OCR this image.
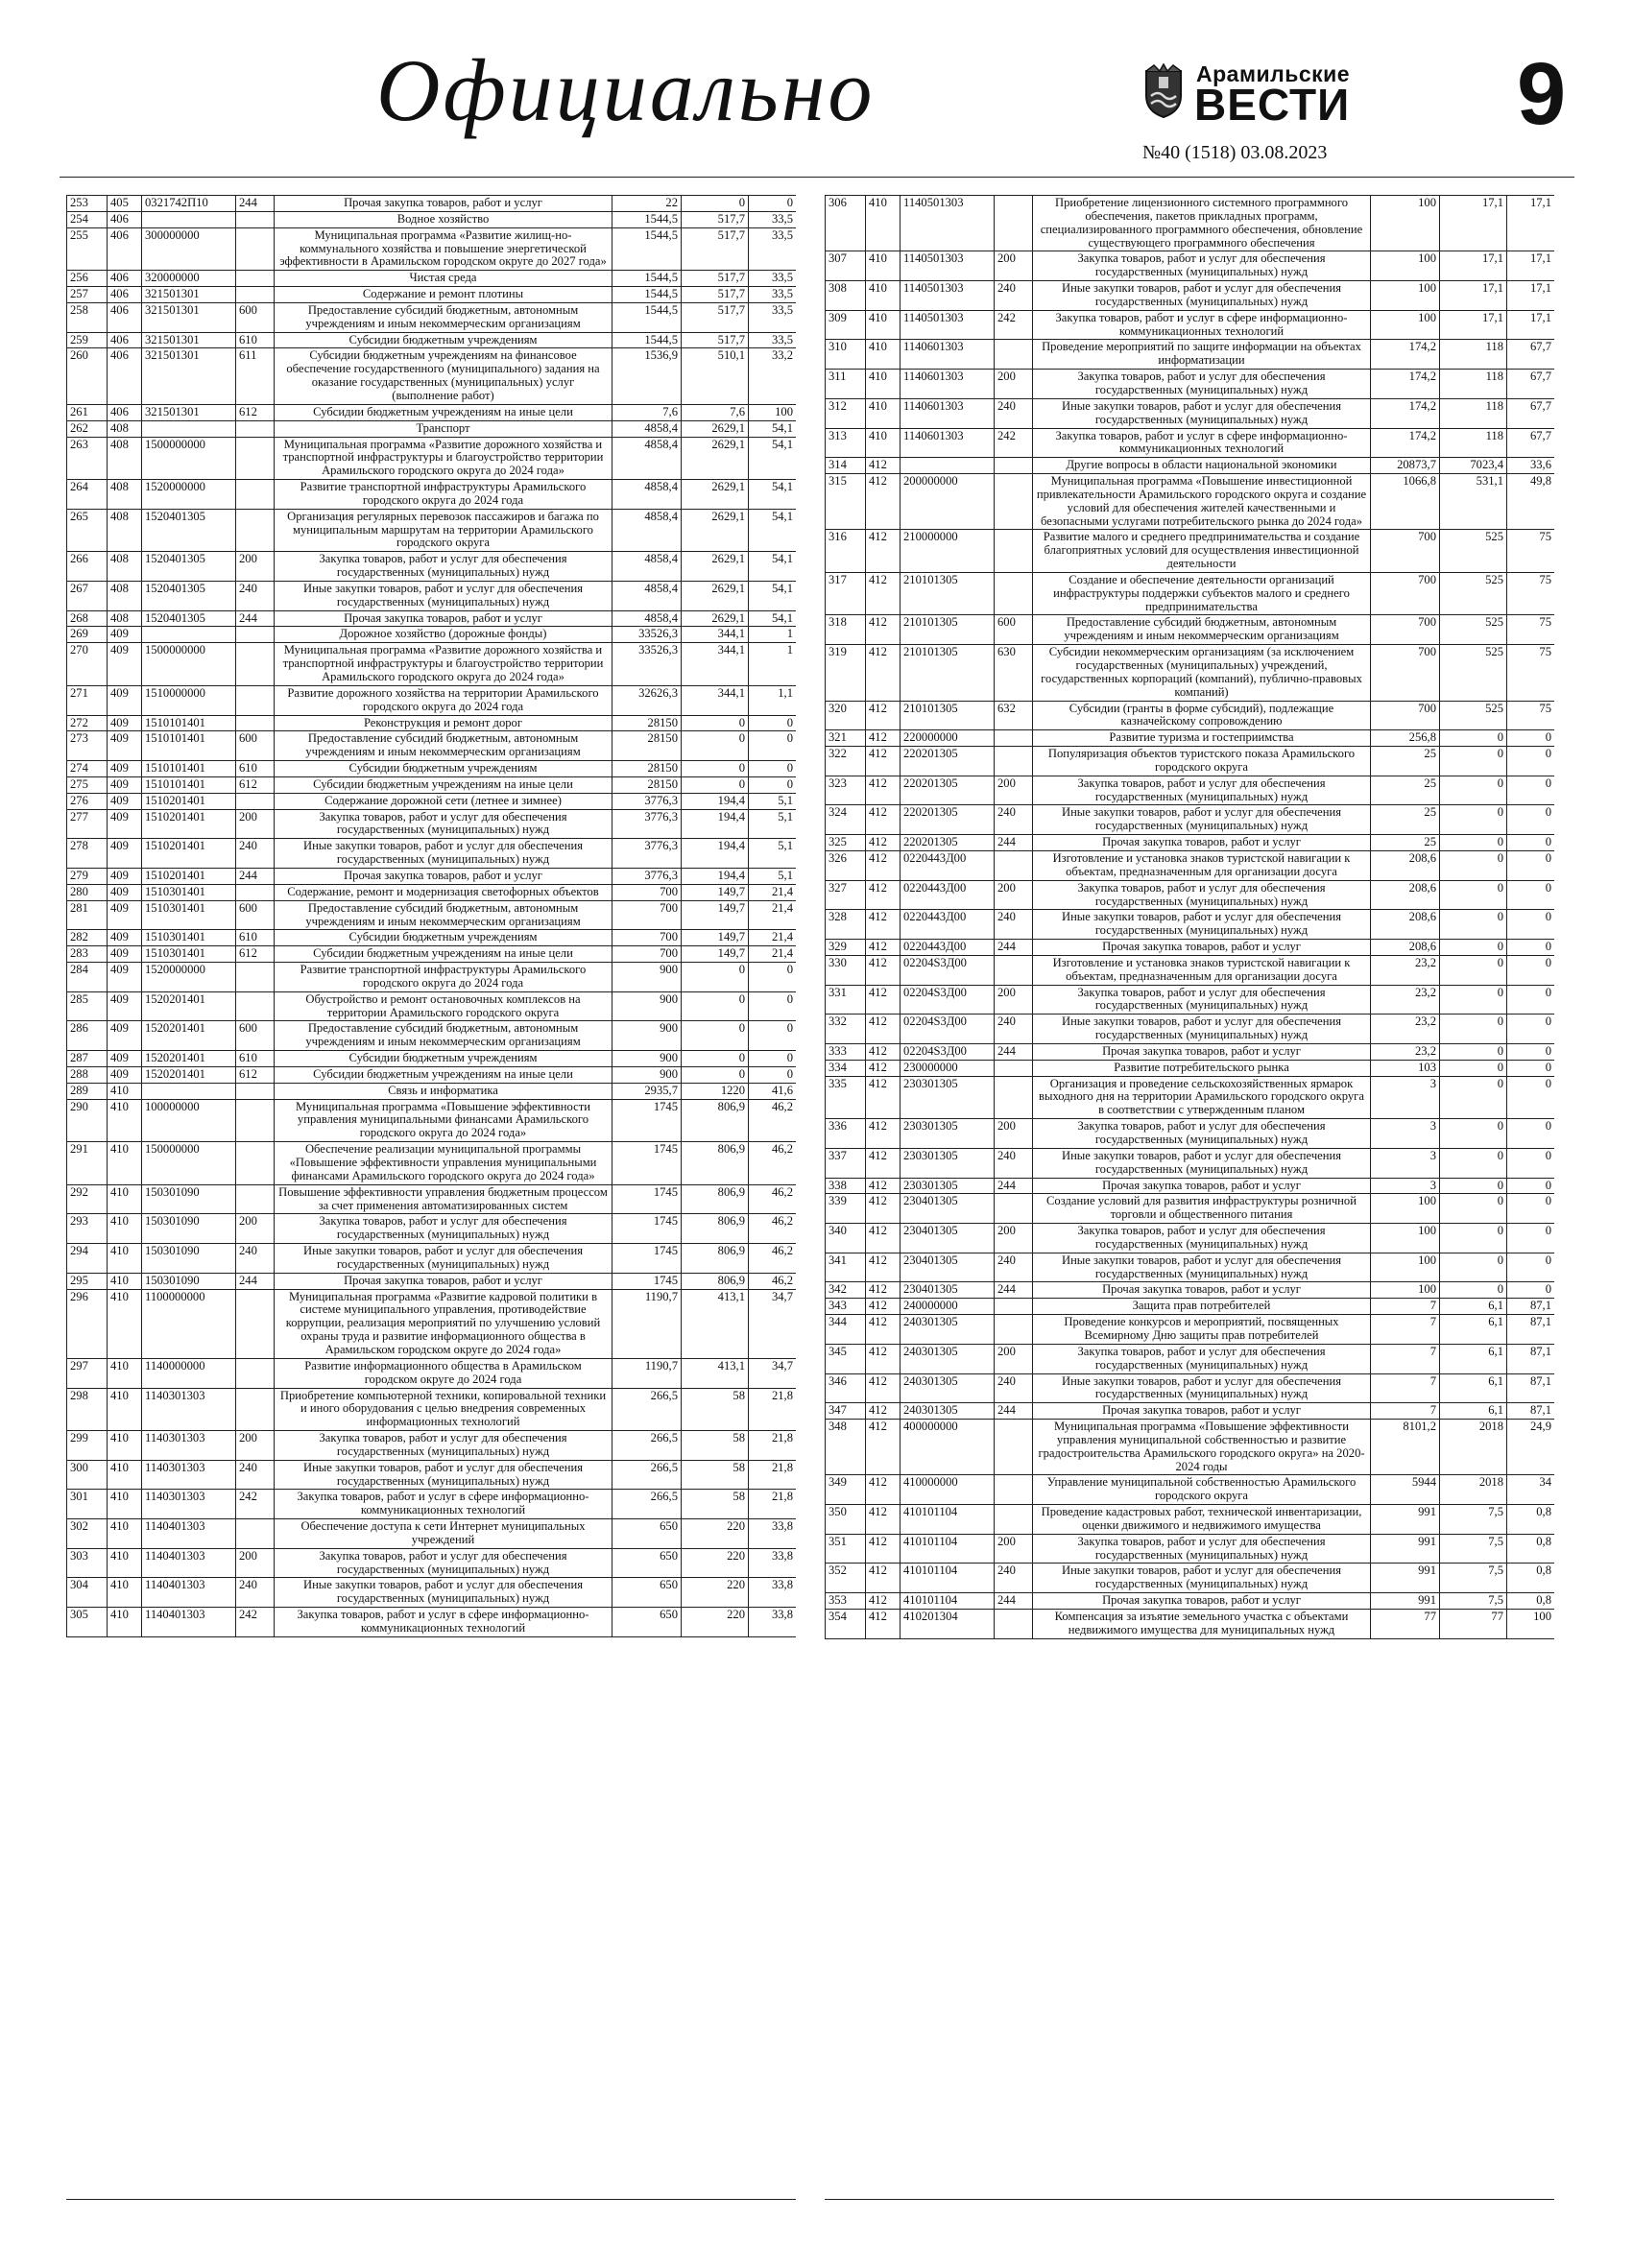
Официально	Арамильские
ВЕСТИ
№40 (1518) 03.08.2023
9
253	405	0321742П10	244	Прочая закупка товаров, работ и услуг	22	0	0
254	406			Водное хозяйство	1544,5	517,7	33,5
255	406	300000000		Муниципальная программа «Развитие жилищ-но-коммунального хозяйства и повышение энергетической эффективности в Арамильском городском округе до 2027 года»	1544,5	517,7	33,5
256	406	320000000		Чистая среда	1544,5	517,7	33,5
257	406	321501301		Содержание и ремонт плотины	1544,5	517,7	33,5
258	406	321501301	600	Предоставление субсидий бюджетным, автономным учреждениям и иным некоммерческим организациям	1544,5	517,7	33,5
259	406	321501301	610	Субсидии бюджетным учреждениям	1544,5	517,7	33,5
260	406	321501301	611	Субсидии бюджетным учреждениям на финансовое обеспечение государственного (муниципального) задания на оказание государственных (муниципальных) услуг (выполнение работ)	1536,9	510,1	33,2
261	406	321501301	612	Субсидии бюджетным учреждениям на иные цели	7,6	7,6	100
262	408			Транспорт	4858,4	2629,1	54,1
263	408	1500000000		Муниципальная программа «Развитие дорожного хозяйства и транспортной инфраструктуры и благоустройство территории Арамильского городского округа до 2024 года»	4858,4	2629,1	54,1
264	408	1520000000		Развитие транспортной инфраструктуры Арамильского городского округа до 2024 года	4858,4	2629,1	54,1
265	408	1520401305		Организация регулярных перевозок пассажиров и багажа по муниципальным маршрутам на территории Арамильского городского округа	4858,4	2629,1	54,1
266	408	1520401305	200	Закупка товаров, работ и услуг для обеспечения государственных (муниципальных) нужд	4858,4	2629,1	54,1
267	408	1520401305	240	Иные закупки товаров, работ и услуг для обеспечения государственных (муниципальных) нужд	4858,4	2629,1	54,1
268	408	1520401305	244	Прочая закупка товаров, работ и услуг	4858,4	2629,1	54,1
269	409			Дорожное хозяйство (дорожные фонды)	33526,3	344,1	1
270	409	1500000000		Муниципальная программа «Развитие дорожного хозяйства и транспортной инфраструктуры и благоустройство территории Арамильского городского округа до 2024 года»	33526,3	344,1	1
271	409	1510000000		Развитие дорожного хозяйства на территории Арамильского городского округа до 2024 года	32626,3	344,1	1,1
272	409	1510101401		Реконструкция и ремонт дорог	28150	0	0
273	409	1510101401	600	Предоставление субсидий бюджетным, автономным учреждениям и иным некоммерческим организациям	28150	0	0
274	409	1510101401	610	Субсидии бюджетным учреждениям	28150	0	0
275	409	1510101401	612	Субсидии бюджетным учреждениям на иные цели	28150	0	0
276	409	1510201401		Содержание дорожной сети (летнее и зимнее)	3776,3	194,4	5,1
277	409	1510201401	200	Закупка товаров, работ и услуг для обеспечения государственных (муниципальных) нужд	3776,3	194,4	5,1
278	409	1510201401	240	Иные закупки товаров, работ и услуг для обеспечения государственных (муниципальных) нужд	3776,3	194,4	5,1
279	409	1510201401	244	Прочая закупка товаров, работ и услуг	3776,3	194,4	5,1
280	409	1510301401		Содержание, ремонт и модернизация светофорных объектов	700	149,7	21,4
281	409	1510301401	600	Предоставление субсидий бюджетным, автономным учреждениям и иным некоммерческим организациям	700	149,7	21,4
282	409	1510301401	610	Субсидии бюджетным учреждениям	700	149,7	21,4
283	409	1510301401	612	Субсидии бюджетным учреждениям на иные цели	700	149,7	21,4
284	409	1520000000		Развитие транспортной инфраструктуры Арамильского городского округа до 2024 года	900	0	0
285	409	1520201401		Обустройство и ремонт остановочных комплексов на территории Арамильского городского округа	900	0	0
286	409	1520201401	600	Предоставление субсидий бюджетным, автономным учреждениям и иным некоммерческим организациям	900	0	0
287	409	1520201401	610	Субсидии бюджетным учреждениям	900	0	0
288	409	1520201401	612	Субсидии бюджетным учреждениям на иные цели	900	0	0
289	410			Связь и информатика	2935,7	1220	41,6
290	410	100000000		Муниципальная программа «Повышение эффективности управления муниципальными финансами Арамильского городского округа до 2024 года»	1745	806,9	46,2
291	410	150000000		Обеспечение реализации муниципальной программы «Повышение эффективности управления муниципальными финансами Арамильского городского округа до 2024 года»	1745	806,9	46,2
292	410	150301090		Повышение эффективности управления бюджетным процессом за счет применения автоматизированных систем	1745	806,9	46,2
293	410	150301090	200	Закупка товаров, работ и услуг для обеспечения государственных (муниципальных) нужд	1745	806,9	46,2
294	410	150301090	240	Иные закупки товаров, работ и услуг для обеспечения государственных (муниципальных) нужд	1745	806,9	46,2
295	410	150301090	244	Прочая закупка товаров, работ и услуг	1745	806,9	46,2
296	410	1100000000		Муниципальная программа «Развитие кадровой политики в системе муниципального управления, противодействие коррупции, реализация мероприятий по улучшению условий охраны труда и развитие информационного общества в Арамильском городском округе до 2024 года»	1190,7	413,1	34,7
297	410	1140000000		Развитие информационного общества в Арамильском городском округе до 2024 года	1190,7	413,1	34,7
298	410	1140301303		Приобретение компьютерной техники, копировальной техники и иного оборудования с целью внедрения современных информационных технологий	266,5	58	21,8
299	410	1140301303	200	Закупка товаров, работ и услуг для обеспечения государственных (муниципальных) нужд	266,5	58	21,8
300	410	1140301303	240	Иные закупки товаров, работ и услуг для обеспечения государственных (муниципальных) нужд	266,5	58	21,8
301	410	1140301303	242	Закупка товаров, работ и услуг в сфере информационно-коммуникационных технологий	266,5	58	21,8
302	410	1140401303		Обеспечение доступа к сети Интернет муниципальных учреждений	650	220	33,8
303	410	1140401303	200	Закупка товаров, работ и услуг для обеспечения государственных (муниципальных) нужд	650	220	33,8
304	410	1140401303	240	Иные закупки товаров, работ и услуг для обеспечения государственных (муниципальных) нужд	650	220	33,8
305	410	1140401303	242	Закупка товаров, работ и услуг в сфере информационно-коммуникационных технологий	650	220	33,8
306	410	1140501303		Приобретение лицензионного системного программного обеспечения, пакетов прикладных программ, специализированного программного обеспечения, обновление существующего программного обеспечения	100	17,1	17,1
307	410	1140501303	200	Закупка товаров, работ и услуг для обеспечения государственных (муниципальных) нужд	100	17,1	17,1
308	410	1140501303	240	Иные закупки товаров, работ и услуг для обеспечения государственных (муниципальных) нужд	100	17,1	17,1
309	410	1140501303	242	Закупка товаров, работ и услуг в сфере информационно-коммуникационных технологий	100	17,1	17,1
310	410	1140601303		Проведение мероприятий по защите информации на объектах информатизации	174,2	118	67,7
311	410	1140601303	200	Закупка товаров, работ и услуг для обеспечения государственных (муниципальных) нужд	174,2	118	67,7
312	410	1140601303	240	Иные закупки товаров, работ и услуг для обеспечения государственных (муниципальных) нужд	174,2	118	67,7
313	410	1140601303	242	Закупка товаров, работ и услуг в сфере информационно-коммуникационных технологий	174,2	118	67,7
314	412			Другие вопросы в области национальной экономики	20873,7	7023,4	33,6
315	412	200000000		Муниципальная программа «Повышение инвестиционной привлекательности Арамильского городского округа и создание условий для обеспечения жителей качественными и безопасными услугами потребительского рынка до 2024 года»	1066,8	531,1	49,8
316	412	210000000		Развитие малого и среднего предпринимательства и создание благоприятных условий для осуществления инвестиционной деятельности	700	525	75
317	412	210101305		Создание и обеспечение деятельности организаций инфраструктуры поддержки субъектов малого и среднего предпринимательства	700	525	75
318	412	210101305	600	Предоставление субсидий бюджетным, автономным учреждениям и иным некоммерческим организациям	700	525	75
319	412	210101305	630	Субсидии некоммерческим организациям (за исключением государственных (муниципальных) учреждений, государственных корпораций (компаний), публично-правовых компаний)	700	525	75
320	412	210101305	632	Субсидии (гранты в форме субсидий), подлежащие казначейскому сопровождению	700	525	75
321	412	220000000		Развитие туризма и гостеприимства	256,8	0	0
322	412	220201305		Популяризация объектов туристского показа Арамильского городского округа	25	0	0
323	412	220201305	200	Закупка товаров, работ и услуг для обеспечения государственных (муниципальных) нужд	25	0	0
324	412	220201305	240	Иные закупки товаров, работ и услуг для обеспечения государственных (муниципальных) нужд	25	0	0
325	412	220201305	244	Прочая закупка товаров, работ и услуг	25	0	0
326	412	0220443Д00		Изготовление и установка знаков туристской навигации к объектам, предназначенным для организации досуга	208,6	0	0
327	412	0220443Д00	200	Закупка товаров, работ и услуг для обеспечения государственных (муниципальных) нужд	208,6	0	0
328	412	0220443Д00	240	Иные закупки товаров, работ и услуг для обеспечения государственных (муниципальных) нужд	208,6	0	0
329	412	0220443Д00	244	Прочая закупка товаров, работ и услуг	208,6	0	0
330	412	02204S3Д00		Изготовление и установка знаков туристской навигации к объектам, предназначенным для организации досуга	23,2	0	0
331	412	02204S3Д00	200	Закупка товаров, работ и услуг для обеспечения государственных (муниципальных) нужд	23,2	0	0
332	412	02204S3Д00	240	Иные закупки товаров, работ и услуг для обеспечения государственных (муниципальных) нужд	23,2	0	0
333	412	02204S3Д00	244	Прочая закупка товаров, работ и услуг	23,2	0	0
334	412	230000000		Развитие потребительского рынка	103	0	0
335	412	230301305		Организация и проведение сельскохозяйственных ярмарок выходного дня на территории Арамильского городского округа в соответствии с утвержденным планом	3	0	0
336	412	230301305	200	Закупка товаров, работ и услуг для обеспечения государственных (муниципальных) нужд	3	0	0
337	412	230301305	240	Иные закупки товаров, работ и услуг для обеспечения государственных (муниципальных) нужд	3	0	0
338	412	230301305	244	Прочая закупка товаров, работ и услуг	3	0	0
339	412	230401305		Создание условий для развития инфраструктуры розничной торговли и общественного питания	100	0	0
340	412	230401305	200	Закупка товаров, работ и услуг для обеспечения государственных (муниципальных) нужд	100	0	0
341	412	230401305	240	Иные закупки товаров, работ и услуг для обеспечения государственных (муниципальных) нужд	100	0	0
342	412	230401305	244	Прочая закупка товаров, работ и услуг	100	0	0
343	412	240000000		Защита прав потребителей	7	6,1	87,1
344	412	240301305		Проведение конкурсов и мероприятий, посвященных Всемирному Дню защиты прав потребителей	7	6,1	87,1
345	412	240301305	200	Закупка товаров, работ и услуг для обеспечения государственных (муниципальных) нужд	7	6,1	87,1
346	412	240301305	240	Иные закупки товаров, работ и услуг для обеспечения государственных (муниципальных) нужд	7	6,1	87,1
347	412	240301305	244	Прочая закупка товаров, работ и услуг	7	6,1	87,1
348	412	400000000		Муниципальная программа «Повышение эффективности управления муниципальной собственностью и развитие градостроительства Арамильского городского округа» на 2020-2024 годы	8101,2	2018	24,9
349	412	410000000		Управление муниципальной собственностью Арамильского городского округа	5944	2018	34
350	412	410101104		Проведение кадастровых работ, технической инвентаризации, оценки движимого и недвижимого имущества	991	7,5	0,8
351	412	410101104	200	Закупка товаров, работ и услуг для обеспечения государственных (муниципальных) нужд	991	7,5	0,8
352	412	410101104	240	Иные закупки товаров, работ и услуг для обеспечения государственных (муниципальных) нужд	991	7,5	0,8
353	412	410101104	244	Прочая закупка товаров, работ и услуг	991	7,5	0,8
354	412	410201304		Компенсация за изъятие земельного участка с объектами недвижимого имущества для муниципальных нужд	77	77	100
